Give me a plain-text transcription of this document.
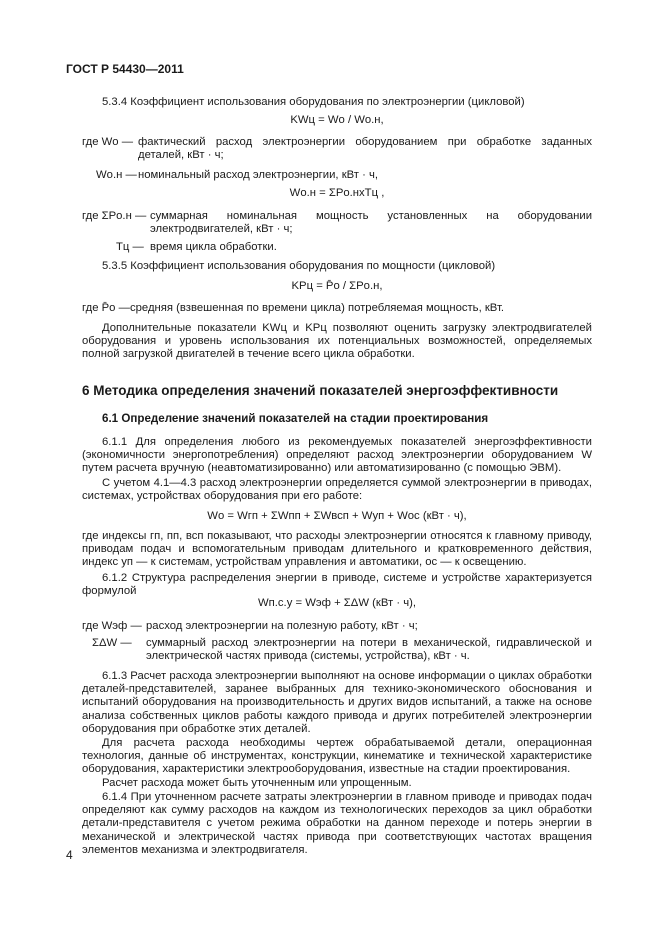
ГОСТ Р 54430—2011
5.3.4 Коэффициент использования оборудования по электроэнергии (цикловой)
KWц = Wо / Wо.н,
где Wо — фактический расход электроэнергии оборудованием при обработке заданных деталей, кВт · ч;
Wо.н — номинальный расход электроэнергии, кВт · ч,
Wо.н = ΣPо.нxTц ,
где ΣPо.н — суммарная номинальная мощность установленных на оборудовании электродвигателей, кВт · ч;
Tц — время цикла обработки.
5.3.5 Коэффициент использования оборудования по мощности (цикловой)
KPц = P̄о / ΣPо.н,
где P̄о — средняя (взвешенная по времени цикла) потребляемая мощность, кВт.
Дополнительные показатели KWц и KPц позволяют оценить загрузку электродвигателей оборудования и уровень использования их потенциальных возможностей, определяемых полной загрузкой двигателей в течение всего цикла обработки.
6 Методика определения значений показателей энергоэффективности
6.1 Определение значений показателей на стадии проектирования
6.1.1 Для определения любого из рекомендуемых показателей энергоэффективности (экономичности энергопотребления) определяют расход электроэнергии оборудованием W путем расчета вручную (неавтоматизированно) или автоматизированно (с помощью ЭВМ).
С учетом 4.1—4.3 расход электроэнергии определяется суммой электроэнергии в приводах, системах, устройствах оборудования при его работе:
Wо = Wгп + ΣWпп + ΣWвсп + Wуп + Wос (кВт · ч),
где индексы гп, пп, всп показывают, что расходы электроэнергии относятся к главному приводу, приводам подач и вспомогательным приводам длительного и кратковременного действия, индекс уп — к системам, устройствам управления и автоматики, ос — к освещению.
6.1.2 Структура распределения энергии в приводе, системе и устройстве характеризуется формулой
Wп.с.у = Wэф + ΣΔW (кВт · ч),
где Wэф — расход электроэнергии на полезную работу, кВт · ч;
ΣΔW — суммарный расход электроэнергии на потери в механической, гидравлической и электрической частях привода (системы, устройства), кВт · ч.
6.1.3 Расчет расхода электроэнергии выполняют на основе информации о циклах обработки деталей-представителей, заранее выбранных для технико-экономического обоснования и испытаний оборудования на производительность и других видов испытаний, а также на основе анализа собственных циклов работы каждого привода и других потребителей электроэнергии оборудования при обработке этих деталей.
Для расчета расхода необходимы чертеж обрабатываемой детали, операционная технология, данные об инструментах, конструкции, кинематике и технической характеристике оборудования, характеристики электрооборудования, известные на стадии проектирования.
Расчет расхода может быть уточненным или упрощенным.
6.1.4 При уточненном расчете затраты электроэнергии в главном приводе и приводах подач определяют как сумму расходов на каждом из технологических переходов за цикл обработки детали-представителя с учетом режима обработки на данном переходе и потерь энергии в механической и электрической частях привода при соответствующих частотах вращения элементов механизма и электродвигателя.
4
